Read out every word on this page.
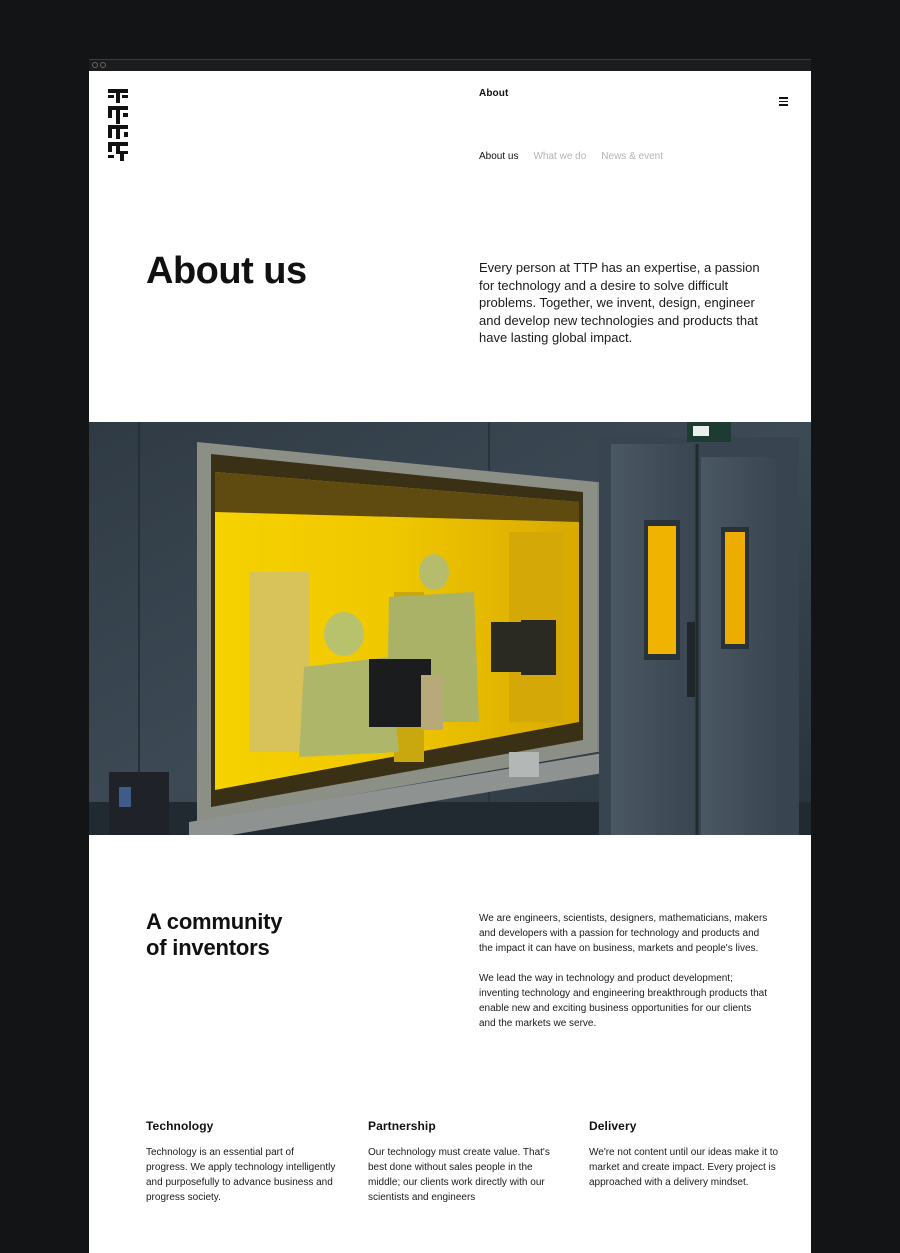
About
About us What we do News & event
About us	Every person at TTP has an expertise, a passion for technology and a desire to solve difficult problems. Together, we invent, design, engineer and develop new technologies and products that have lasting global impact.

A community
of inventors

We are engineers, scientists, designers, mathematicians, makers and developers with a passion for technology and products and the impact it can have on business, markets and people's lives.

We lead the way in technology and product development; inventing technology and engineering breakthrough products that enable new and exciting business opportunities for our clients and the markets we serve.

Technology

Technology is an essential part of progress. We apply technology intelligently and purposefully to advance business and progress society.

Partnership

Our technology must create value. That's best done without sales people in the middle; our clients work directly with our scientists and engineers

Delivery

We're not content until our ideas make it to market and create impact. Every project is approached with a delivery mindset.
